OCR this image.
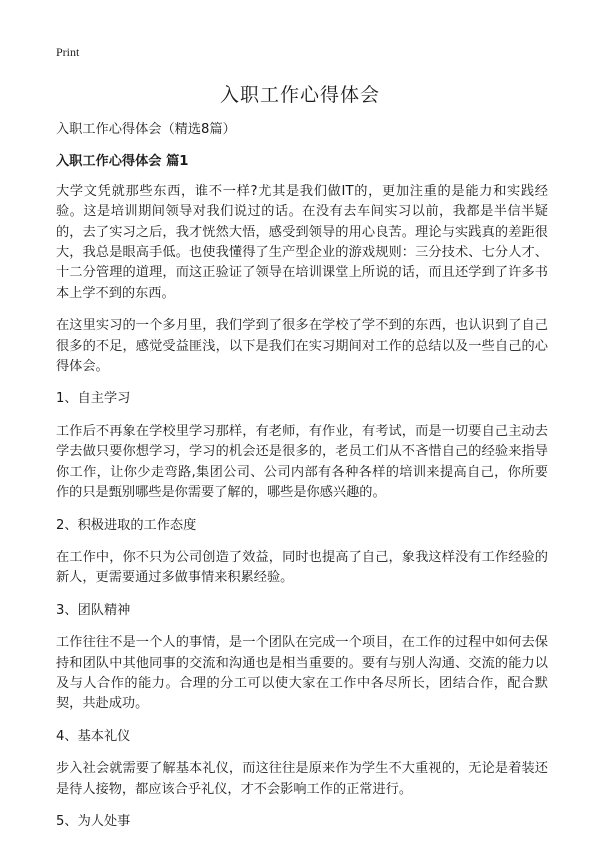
Print
入职工作心得体会

入职工作心得体会（精选8篇）

入职工作心得体会 篇1

大学文凭就那些东西，谁不一样?尤其是我们做IT的，更加注重的是能力和实践经验。这是培训期间领导对我们说过的话。在没有去车间实习以前，我都是半信半疑的，去了实习之后，我才恍然大悟，感受到领导的用心良苦。理论与实践真的差距很大，我总是眼高手低。也使我懂得了生产型企业的游戏规则：三分技术、七分人才、十二分管理的道理，而这正验证了领导在培训课堂上所说的话，而且还学到了许多书本上学不到的东西。

在这里实习的一个多月里，我们学到了很多在学校了学不到的东西，也认识到了自己很多的不足，感觉受益匪浅，以下是我们在实习期间对工作的总结以及一些自己的心得体会。

1、自主学习

工作后不再象在学校里学习那样，有老师，有作业，有考试，而是一切要自己主动去学去做只要你想学习，学习的机会还是很多的，老员工们从不吝惜自己的经验来指导你工作，让你少走弯路,集团公司、公司内部有各种各样的培训来提高自己，你所要作的只是甄别哪些是你需要了解的，哪些是你感兴趣的。

2、积极进取的工作态度

在工作中，你不只为公司创造了效益，同时也提高了自己，象我这样没有工作经验的新人，更需要通过多做事情来积累经验。

3、团队精神

工作往往不是一个人的事情，是一个团队在完成一个项目，在工作的过程中如何去保持和团队中其他同事的交流和沟通也是相当重要的。要有与别人沟通、交流的能力以及与人合作的能力。合理的分工可以使大家在工作中各尽所长，团结合作，配合默契，共赴成功。

4、基本礼仪

步入社会就需要了解基本礼仪，而这往往是原来作为学生不大重视的，无论是着装还是待人接物，都应该合乎礼仪，才不会影响工作的正常进行。

5、为人处事
